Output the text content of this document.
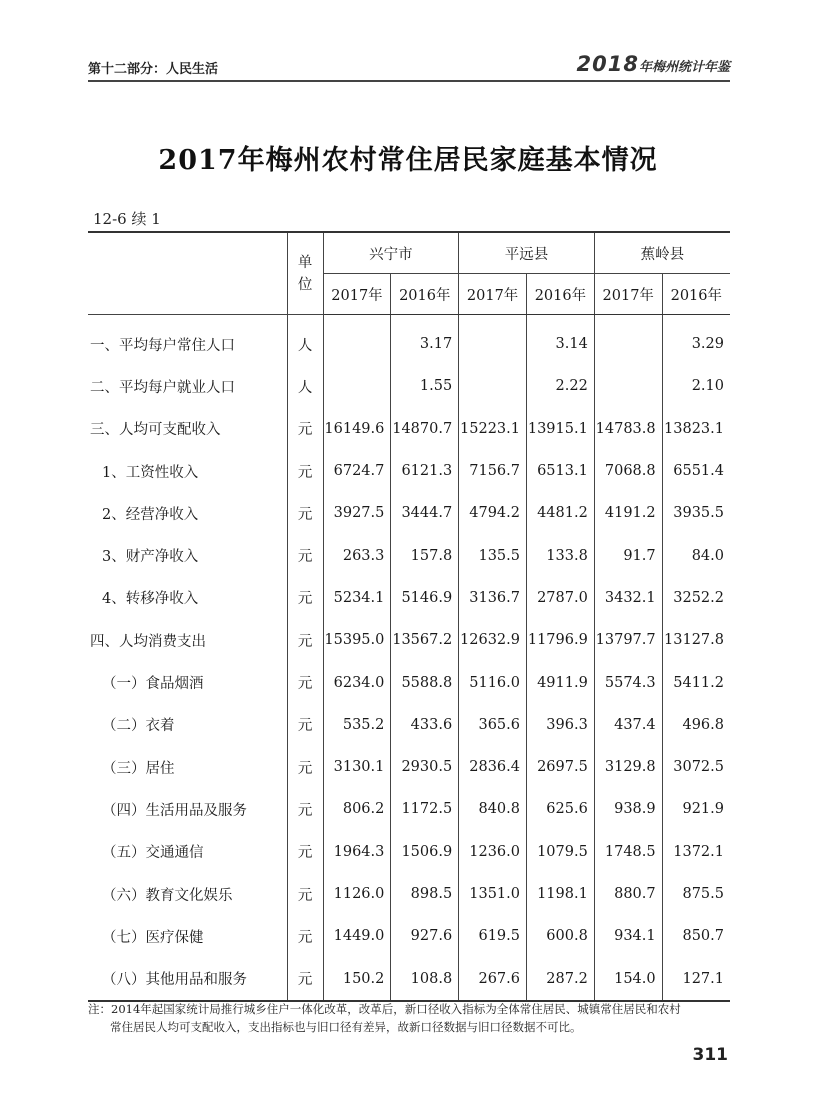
第十二部分：人民生活	2018年梅州统计年鉴
2017年梅州农村常住居民家庭基本情况
12-6 续 1

	单
位	兴宁市		平远县		蕉岭县	
		2017年	2016年	2017年	2016年	2017年	2016年
一、平均每户常住人口	人		3.17		3.14		3.29
二、平均每户就业人口	人		1.55		2.22		2.10
三、人均可支配收入	元	16149.6	14870.7	15223.1	13915.1	14783.8	13823.1
1、工资性收入	元	6724.7	6121.3	7156.7	6513.1	7068.8	6551.4
2、经营净收入	元	3927.5	3444.7	4794.2	4481.2	4191.2	3935.5
3、财产净收入	元	263.3	157.8	135.5	133.8	91.7	84.0
4、转移净收入	元	5234.1	5146.9	3136.7	2787.0	3432.1	3252.2
四、人均消费支出	元	15395.0	13567.2	12632.9	11796.9	13797.7	13127.8
（一）食品烟酒	元	6234.0	5588.8	5116.0	4911.9	5574.3	5411.2
（二）衣着	元	535.2	433.6	365.6	396.3	437.4	496.8
（三）居住	元	3130.1	2930.5	2836.4	2697.5	3129.8	3072.5
（四）生活用品及服务	元	806.2	1172.5	840.8	625.6	938.9	921.9
（五）交通通信	元	1964.3	1506.9	1236.0	1079.5	1748.5	1372.1
（六）教育文化娱乐	元	1126.0	898.5	1351.0	1198.1	880.7	875.5
（七）医疗保健	元	1449.0	927.6	619.5	600.8	934.1	850.7
（八）其他用品和服务	元	150.2	108.8	267.6	287.2	154.0	127.1
注：2014年起国家统计局推行城乡住户一体化改革，改革后，新口径收入指标为全体常住居民、城镇常住居民和农村
常住居民人均可支配收入，支出指标也与旧口径有差异，故新口径数据与旧口径数据不可比。
311
